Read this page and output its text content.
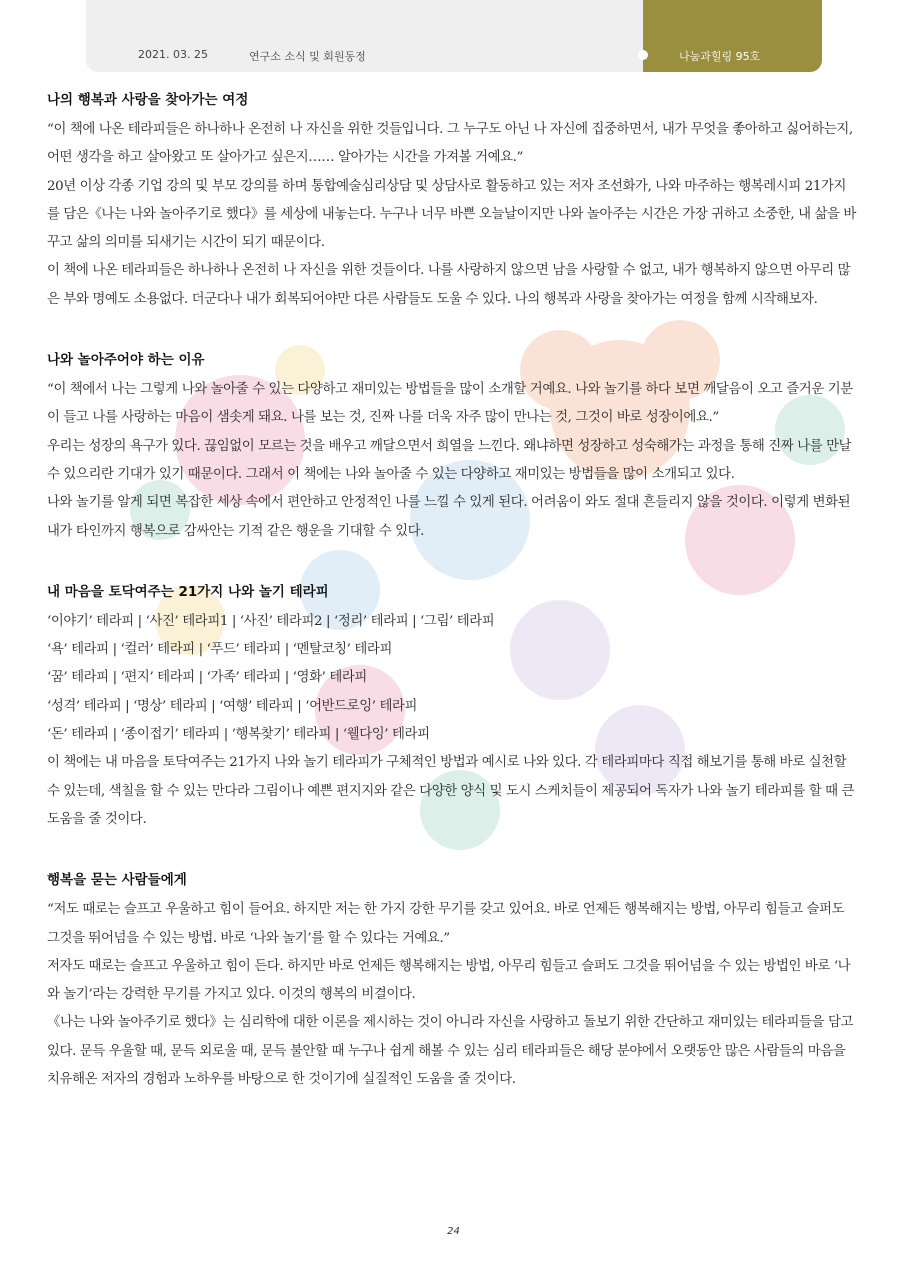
2021. 03. 25	연구소 소식 및 회원동정	나눔과힐링 95호
나의 행복과 사랑을 찾아가는 여정

“이 책에 나온 테라피들은 하나하나 온전히 나 자신을 위한 것들입니다. 그 누구도 아닌 나 자신에 집중하면서, 내가 무엇을 좋아하고 싫어하는지, 어떤 생각을 하고 살아왔고 또 살아가고 싶은지…… 알아가는 시간을 가져볼 거예요.”

20년 이상 각종 기업 강의 및 부모 강의를 하며 통합예술심리상담 및 상담사로 활동하고 있는 저자 조선화가, 나와 마주하는 행복레시피 21가지를 담은《나는 나와 놀아주기로 했다》를 세상에 내놓는다. 누구나 너무 바쁜 오늘날이지만 나와 놀아주는 시간은 가장 귀하고 소중한, 내 삶을 바꾸고 삶의 의미를 되새기는 시간이 되기 때문이다.

이 책에 나온 테라피들은 하나하나 온전히 나 자신을 위한 것들이다. 나를 사랑하지 않으면 남을 사랑할 수 없고, 내가 행복하지 않으면 아무리 많은 부와 명예도 소용없다. 더군다나 내가 회복되어야만 다른 사람들도 도울 수 있다. 나의 행복과 사랑을 찾아가는 여정을 함께 시작해보자.

나와 놀아주어야 하는 이유

“이 책에서 나는 그렇게 나와 놀아줄 수 있는 다양하고 재미있는 방법들을 많이 소개할 거예요. 나와 놀기를 하다 보면 깨달음이 오고 즐거운 기분이 들고 나를 사랑하는 마음이 샘솟게 돼요. 나를 보는 것, 진짜 나를 더욱 자주 많이 만나는 것, 그것이 바로 성장이에요.”

우리는 성장의 욕구가 있다. 끊임없이 모르는 것을 배우고 깨달으면서 희열을 느낀다. 왜냐하면 성장하고 성숙해가는 과정을 통해 진짜 나를 만날 수 있으리란 기대가 있기 때문이다. 그래서 이 책에는 나와 놀아줄 수 있는 다양하고 재미있는 방법들을 많이 소개되고 있다.

나와 놀기를 알게 되면 복잡한 세상 속에서 편안하고 안정적인 나를 느낄 수 있게 된다. 어려움이 와도 절대 흔들리지 않을 것이다. 이렇게 변화된 내가 타인까지 행복으로 감싸안는 기적 같은 행운을 기대할 수 있다.

내 마음을 토닥여주는 21가지 나와 놀기 테라피

‘이야기’ 테라피 | ‘사진’ 테라피1 | ‘사진’ 테라피2 | ‘정리’ 테라피 | ‘그림’ 테라피

‘욕’ 테라피 | ‘컬러’ 테라피 | ‘푸드’ 테라피 | ‘멘탈코칭’ 테라피

‘꿈’ 테라피 | ‘편지’ 테라피 | ‘가족’ 테라피 | ‘영화’ 테라피

‘성격’ 테라피 | ‘명상’ 테라피 | ‘여행’ 테라피 | ‘어반드로잉’ 테라피

‘돈’ 테라피 | ‘종이접기’ 테라피 | ‘행복찾기’ 테라피 | ‘웰다잉’ 테라피

이 책에는 내 마음을 토닥여주는 21가지 나와 놀기 테라피가 구체적인 방법과 예시로 나와 있다. 각 테라피마다 직접 해보기를 통해 바로 실천할 수 있는데, 색칠을 할 수 있는 만다라 그림이나 예쁜 편지지와 같은 다양한 양식 및 도시 스케치들이 제공되어 독자가 나와 놀기 테라피를 할 때 큰 도움을 줄 것이다.

행복을 묻는 사람들에게

“저도 때로는 슬프고 우울하고 힘이 들어요. 하지만 저는 한 가지 강한 무기를 갖고 있어요. 바로 언제든 행복해지는 방법, 아무리 힘들고 슬퍼도 그것을 뛰어넘을 수 있는 방법. 바로 ‘나와 놀기’를 할 수 있다는 거예요.”

저자도 때로는 슬프고 우울하고 힘이 든다. 하지만 바로 언제든 행복해지는 방법, 아무리 힘들고 슬퍼도 그것을 뛰어넘을 수 있는 방법인 바로 ‘나와 놀기’라는 강력한 무기를 가지고 있다. 이것의 행복의 비결이다.

《나는 나와 놀아주기로 했다》는 심리학에 대한 이론을 제시하는 것이 아니라 자신을 사랑하고 돌보기 위한 간단하고 재미있는 테라피들을 담고 있다. 문득 우울할 때, 문득 외로울 때, 문득 불안할 때 누구나 쉽게 해볼 수 있는 심리 테라피들은 해당 분야에서 오랫동안 많은 사람들의 마음을 치유해온 저자의 경험과 노하우를 바탕으로 한 것이기에 실질적인 도움을 줄 것이다.

24
